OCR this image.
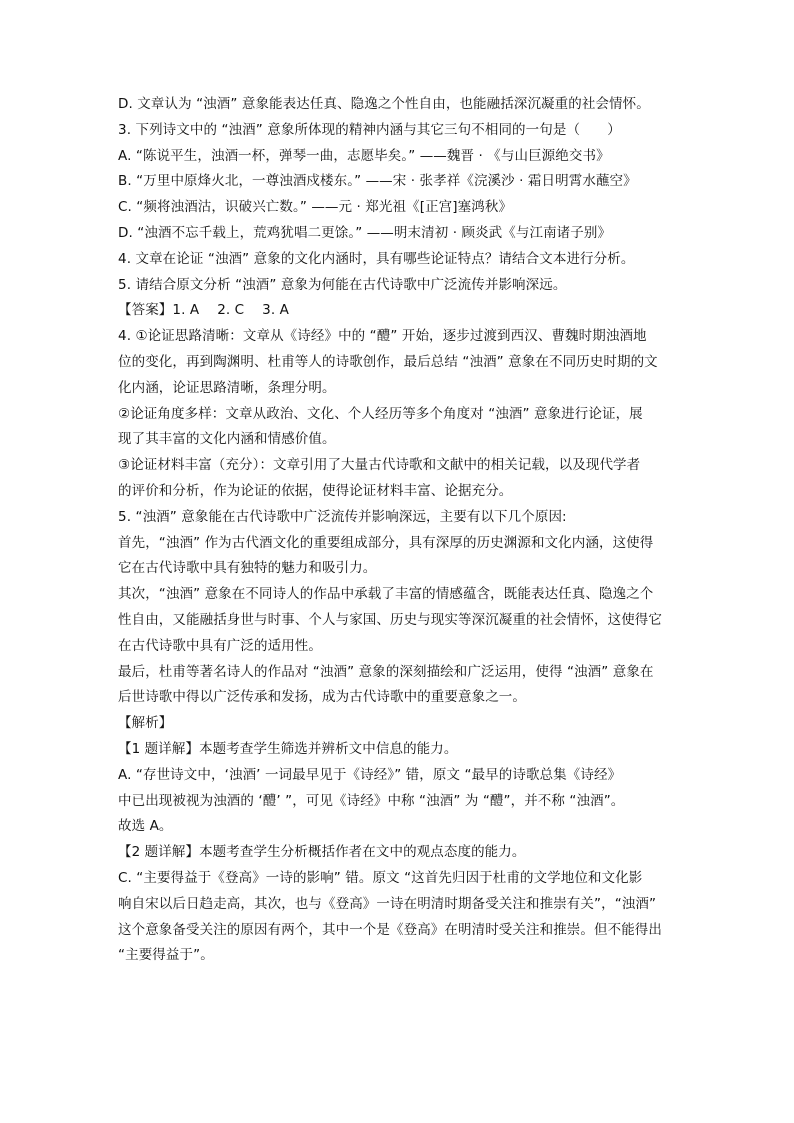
D. 文章认为 “浊酒” 意象能表达任真、隐逸之个性自由，也能融括深沉凝重的社会情怀。
3. 下列诗文中的 “浊酒” 意象所体现的精神内涵与其它三句不相同的一句是（　　）
A. “陈说平生，浊酒一杯，弹琴一曲，志愿毕矣。” ——魏晋 · 《与山巨源绝交书》
B. “万里中原烽火北，一尊浊酒戍楼东。” ——宋 · 张孝祥《浣溪沙 · 霜日明霄水蘸空》
C. “频将浊酒沽，识破兴亡数。” ——元 · 郑光祖《[正宫]塞鸿秋》
D. “浊酒不忘千载上，荒鸡犹唱二更馀。” ——明末清初 · 顾炎武《与江南诸子别》
4. 文章在论证 “浊酒” 意象的文化内涵时，具有哪些论证特点？请结合文本进行分析。
5. 请结合原文分析 “浊酒” 意象为何能在古代诗歌中广泛流传并影响深远。
【答案】1. A　 2. C　 3. A
4. ①论证思路清晰：文章从《诗经》中的 “醴” 开始，逐步过渡到西汉、曹魏时期浊酒地
位的变化，再到陶渊明、杜甫等人的诗歌创作，最后总结 “浊酒” 意象在不同历史时期的文
化内涵，论证思路清晰，条理分明。
②论证角度多样：文章从政治、文化、个人经历等多个角度对 “浊酒” 意象进行论证，展
现了其丰富的文化内涵和情感价值。
③论证材料丰富（充分）：文章引用了大量古代诗歌和文献中的相关记载，以及现代学者
的评价和分析，作为论证的依据，使得论证材料丰富、论据充分。
5. “浊酒” 意象能在古代诗歌中广泛流传并影响深远，主要有以下几个原因:
首先，“浊酒” 作为古代酒文化的重要组成部分，具有深厚的历史渊源和文化内涵，这使得
它在古代诗歌中具有独特的魅力和吸引力。
其次，“浊酒” 意象在不同诗人的作品中承载了丰富的情感蕴含，既能表达任真、隐逸之个
性自由，又能融括身世与时事、个人与家国、历史与现实等深沉凝重的社会情怀，这使得它
在古代诗歌中具有广泛的适用性。
最后，杜甫等著名诗人的作品对 “浊酒” 意象的深刻描绘和广泛运用，使得 “浊酒” 意象在
后世诗歌中得以广泛传承和发扬，成为古代诗歌中的重要意象之一。
【解析】
【1 题详解】本题考查学生筛选并辨析文中信息的能力。
A. “存世诗文中，‘浊酒’ 一词最早见于《诗经》” 错，原文 “最早的诗歌总集《诗经》
中已出现被视为浊酒的 ‘醴’ ”，可见《诗经》中称 “浊酒” 为 “醴”，并不称 “浊酒”。
故选 A。
【2 题详解】本题考查学生分析概括作者在文中的观点态度的能力。
C. “主要得益于《登高》一诗的影响” 错。原文 “这首先归因于杜甫的文学地位和文化影
响自宋以后日趋走高，其次，也与《登高》一诗在明清时期备受关注和推崇有关”，“浊酒”
这个意象备受关注的原因有两个，其中一个是《登高》在明清时受关注和推崇。但不能得出
“主要得益于”。
